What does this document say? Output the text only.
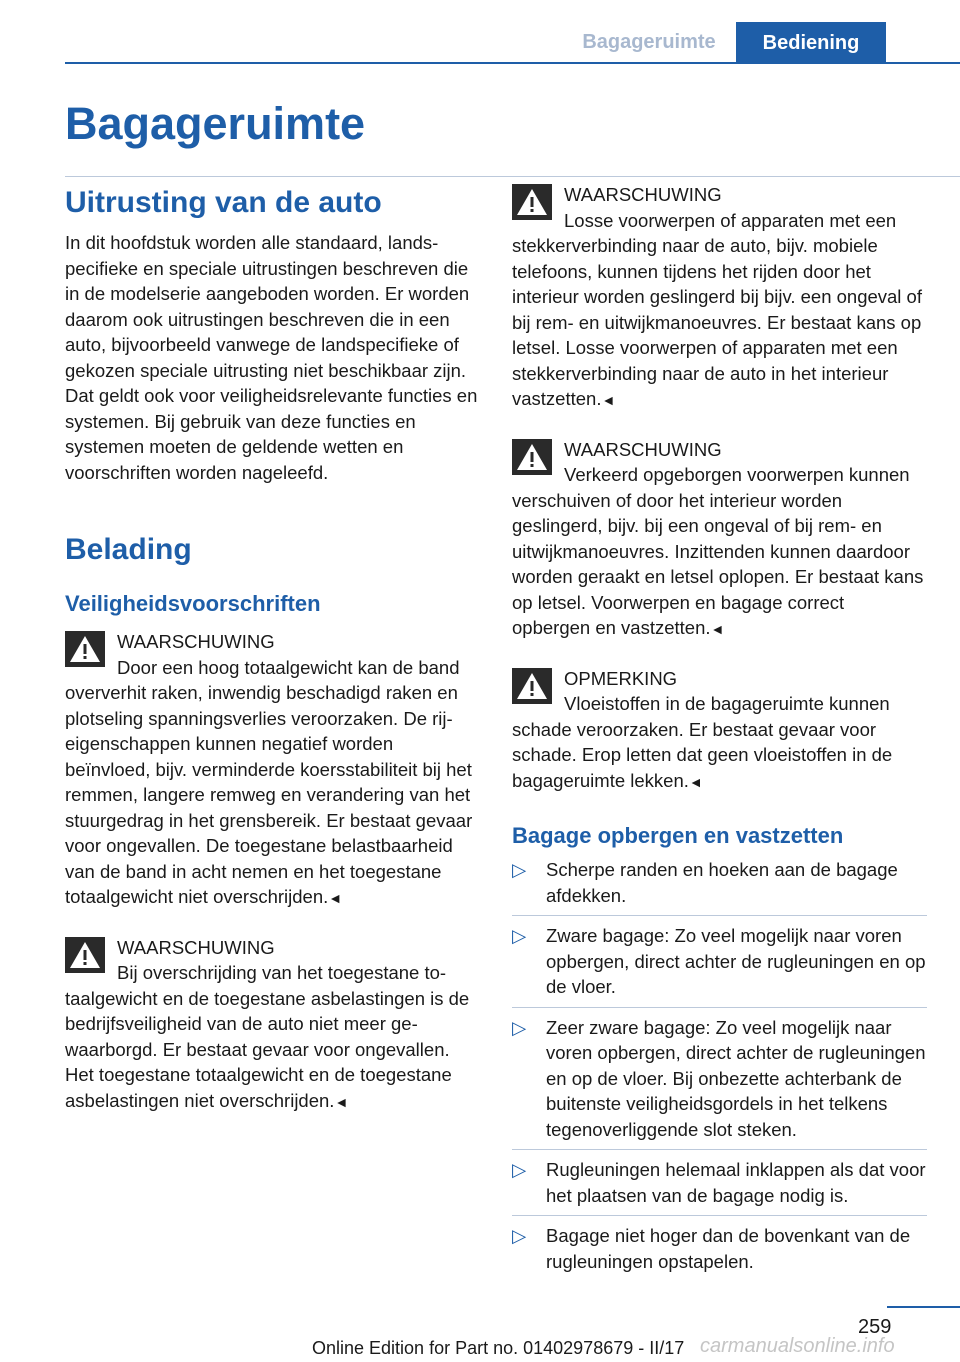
Bagageruimte	Bediening
Bagageruimte
Uitrusting van de auto

In dit hoofdstuk worden alle standaard, landspecifieke en speciale uitrustingen beschreven die in de modelserie aangeboden worden. Er worden daarom ook uitrustingen beschreven die in een auto, bijvoorbeeld vanwege de landspecifieke of gekozen speciale uitrusting niet beschikbaar zijn. Dat geldt ook voor veiligheidsrelevante functies en systemen. Bij gebruik van deze functies en systemen moeten de geldende wetten en voorschriften worden nageleefd.

Belading
Veiligheidsvoorschriften

WAARSCHUWING
Door een hoog totaalgewicht kan de band oververhit raken, inwendig beschadigd raken en plotseling spanningsverlies veroorzaken. De rij-eigenschappen kunnen negatief worden beïnvloed, bijv. verminderde koersstabiliteit bij het remmen, langere remweg en verandering van het stuurgedrag in het grensbereik. Er bestaat gevaar voor ongevallen. De toegestane belastbaarheid van de band in acht nemen en het toegestane totaalgewicht niet overschrijden.◄

WAARSCHUWING
Bij overschrijding van het toegestane totaalgewicht en de toegestane asbelastingen is de bedrijfsveiligheid van de auto niet meer gewaarborgd. Er bestaat gevaar voor ongevallen. Het toegestane totaalgewicht en de toegestane asbelastingen niet overschrijden.◄

WAARSCHUWING
Losse voorwerpen of apparaten met een stekkerverbinding naar de auto, bijv. mobiele telefoons, kunnen tijdens het rijden door het interieur worden geslingerd bij bijv. een ongeval of bij rem- en uitwijkmanoeuvres. Er bestaat kans op letsel. Losse voorwerpen of apparaten met een stekkerverbinding naar de auto in het interieur vastzetten.◄

WAARSCHUWING
Verkeerd opgeborgen voorwerpen kunnen verschuiven of door het interieur worden geslingerd, bijv. bij een ongeval of bij rem- en uitwijkmanoeuvres. Inzittenden kunnen daardoor worden geraakt en letsel oplopen. Er bestaat kans op letsel. Voorwerpen en bagage correct opbergen en vastzetten.◄

OPMERKING
Vloeistoffen in de bagageruimte kunnen schade veroorzaken. Er bestaat gevaar voor schade. Erop letten dat geen vloeistoffen in de bagageruimte lekken.◄

Bagage opbergen en vastzetten
▷ Scherpe randen en hoeken aan de bagage afdekken.
▷ Zware bagage: Zo veel mogelijk naar voren opbergen, direct achter de rugleuningen en op de vloer.
▷ Zeer zware bagage: Zo veel mogelijk naar voren opbergen, direct achter de rugleuningen en op de vloer. Bij onbezette achterbank de buitenste veiligheidsgordels in het telkens tegenoverliggende slot steken.
▷ Rugleuningen helemaal inklappen als dat voor het plaatsen van de bagage nodig is.
▷ Bagage niet hoger dan de bovenkant van de rugleuningen opstapelen.
259
Online Edition for Part no. 01402978679 - II/17 carmanualsonline.info
